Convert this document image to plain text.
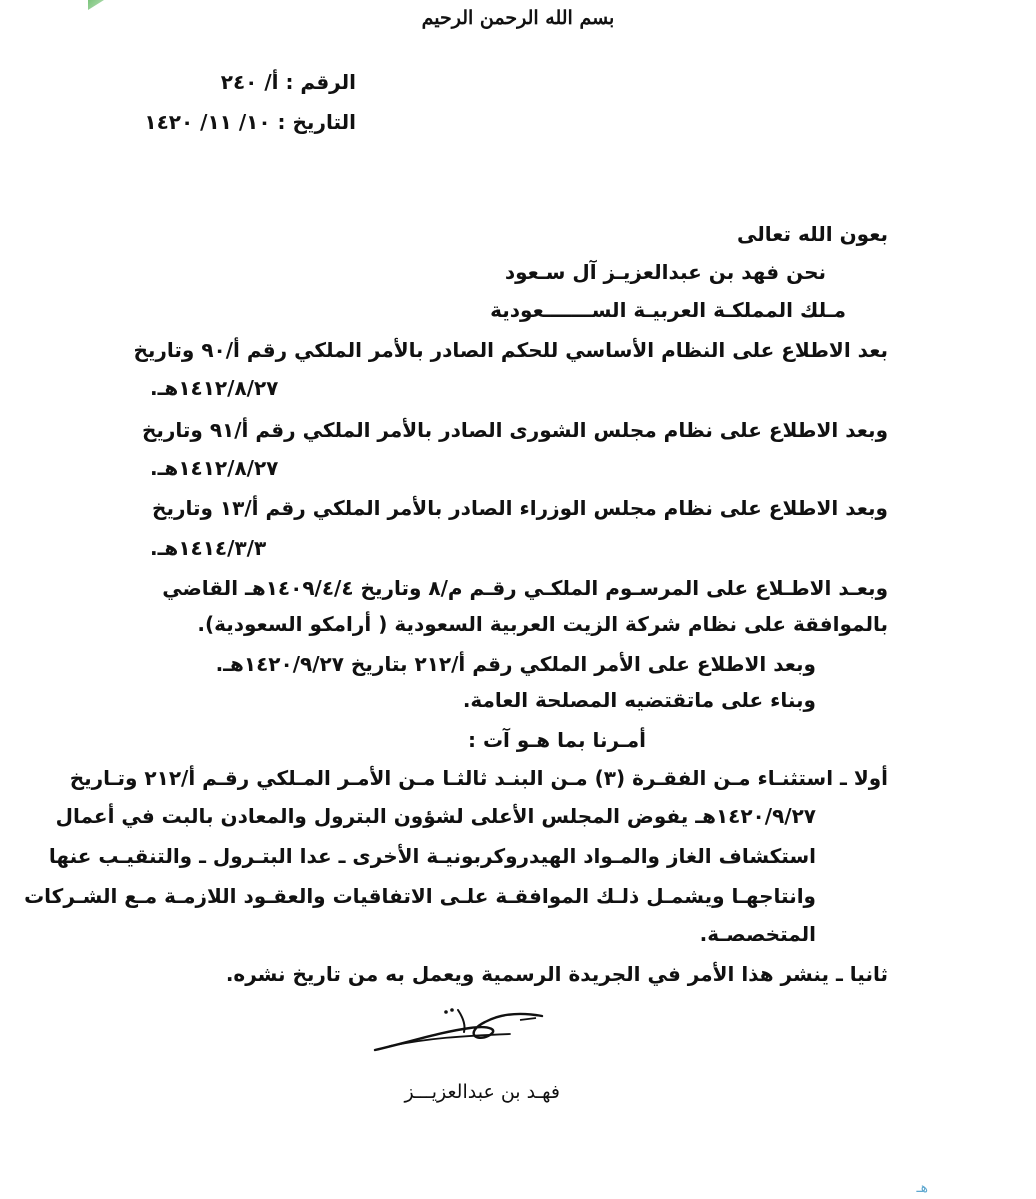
بسم الله الرحمن الرحيم
الرقم : أ/ ٢٤٠
التاريخ : ١٠/ ١١/ ١٤٢٠
بعون الله تعالى
نحن فهد بن عبدالعزيـز آل سـعود
مـلك المملكـة العربيـة الســـــــعودية
بعد الاطلاع على النظام الأساسي للحكم الصادر بالأمر الملكي رقم أ/٩٠ وتاريخ
١٤١٢/٨/٢٧هـ.
وبعد الاطلاع على نظام مجلس الشورى الصادر بالأمر الملكي رقم أ/٩١ وتاريخ
١٤١٢/٨/٢٧هـ.
وبعد الاطلاع على نظام مجلس الوزراء الصادر بالأمر الملكي رقم أ/١٣ وتاريخ
١٤١٤/٣/٣هـ.
وبعـد الاطـلاع على المرسـوم الملكـي رقـم م/٨ وتاريخ ١٤٠٩/٤/٤هـ القاضي
بالموافقة على نظام شركة الزيت العربية السعودية ( أرامكو السعودية).
وبعد الاطلاع على الأمر الملكي رقم أ/٢١٢ بتاريخ ١٤٢٠/٩/٢٧هـ.
وبناء على ماتقتضيه المصلحة العامة.
أمـرنا بما هـو آت :
أولا ـ استثنـاء مـن الفقـرة (٣) مـن البنـد ثالثـا مـن الأمـر المـلكي رقـم أ/٢١٢ وتـاريخ
١٤٢٠/٩/٢٧هـ يفوض المجلس الأعلى لشؤون البترول والمعادن بالبت في أعمال
استكشاف الغاز والمـواد الهيدروكربونيـة الأخرى ـ عدا البتـرول ـ والتنقيـب عنها
وانتاجهـا ويشمـل ذلـك الموافقـة علـى الاتفاقيات والعقـود اللازمـة مـع الشـركات
المتخصصـة.
ثانيا ـ ينشر هذا الأمر في الجريدة الرسمية ويعمل به من تاريخ نشره.
فهـد بن عبدالعزيـــز
هـ
